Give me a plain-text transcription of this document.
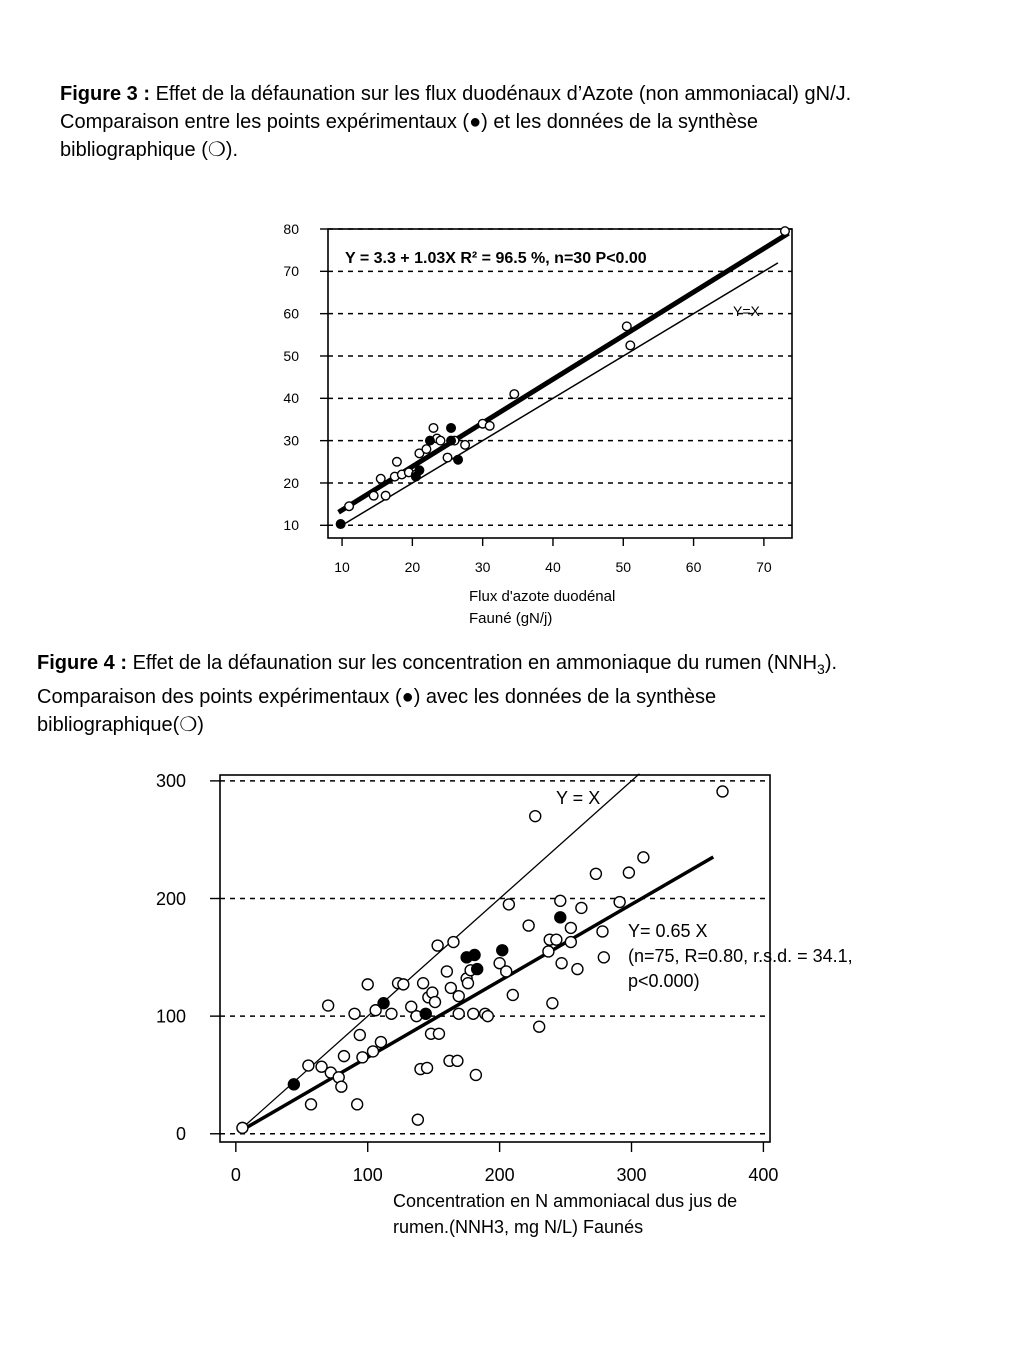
Figure 3 : Effet de la défaunation sur les flux duodénaux d’Azote (non ammoniacal) gN/J.
Comparaison entre les points expérimentaux (●) et les données de la synthèse
bibliographique (❍).
Figure 4 : Effet de la défaunation sur les concentration en ammoniaque du rumen $(NNH_3)$.
Comparaison des points expérimentaux (●) avec les données de la synthèse
bibliographique(❍)
10	20	30	40	50	60	70
10
20
30
40
50
60
70
80
Y = 3.3 + 1.03X R² = 96.5 %, n=30 P<0.00
Y=X
Flux d'azote duodénal
Fauné (gN/j)
0	100	200	300	400
0
100
200
300
Y= 0.65 X
(n=75, R=0.80, r.s.d. = 34.1,
p<0.000)
Y = X
Concentration en N ammoniacal dus jus de
rumen.(NNH3, mg N/L) Faunés
